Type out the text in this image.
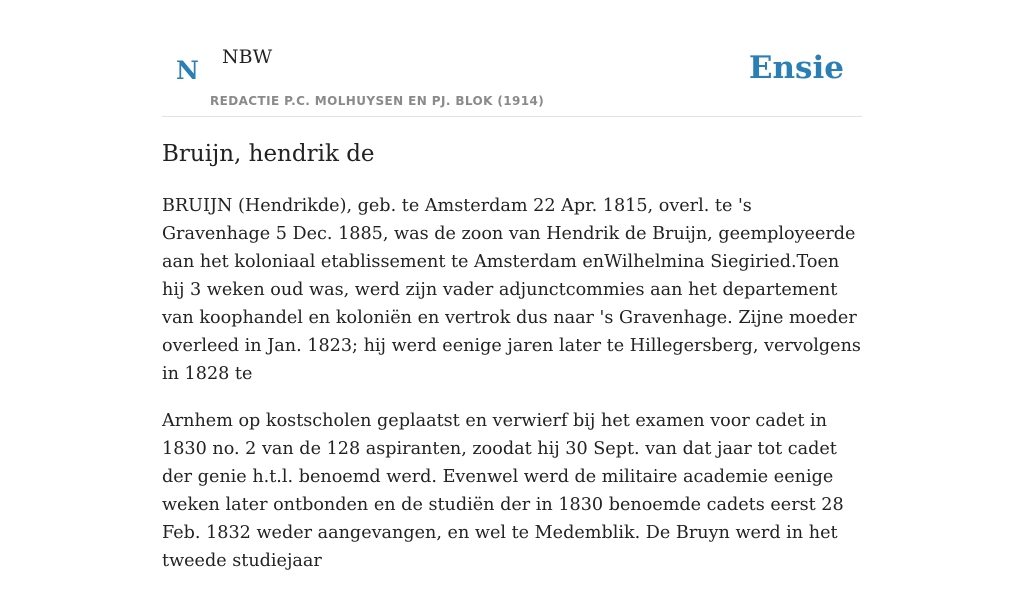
N NBW
REDACTIE P.C. MOLHUYSEN EN PJ. BLOK (1914)
Ensie
Bruijn, hendrik de

BRUIJN (Hendrikde), geb. te Amsterdam 22 Apr. 1815, overl. te 's Gravenhage 5 Dec. 1885, was de zoon van Hendrik de Bruijn, geemployeerde aan het koloniaal etablissement te Amsterdam enWilhelmina Siegiried.Toen hij 3 weken oud was, werd zijn vader adjunctcommies aan het departement van koophandel en koloniën en vertrok dus naar 's Gravenhage. Zijne moeder overleed in Jan. 1823; hij werd eenige jaren later te Hillegersberg, vervolgens in 1828 te

Arnhem op kostscholen geplaatst en verwierf bij het examen voor cadet in 1830 no. 2 van de 128 aspiranten, zoodat hij 30 Sept. van dat jaar tot cadet der genie h.t.l. benoemd werd. Evenwel werd de militaire academie eenige weken later ontbonden en de studiën der in 1830 benoemde cadets eerst 28 Feb. 1832 weder aangevangen, en wel te Medemblik. De Bruyn werd in het tweede studiejaar
